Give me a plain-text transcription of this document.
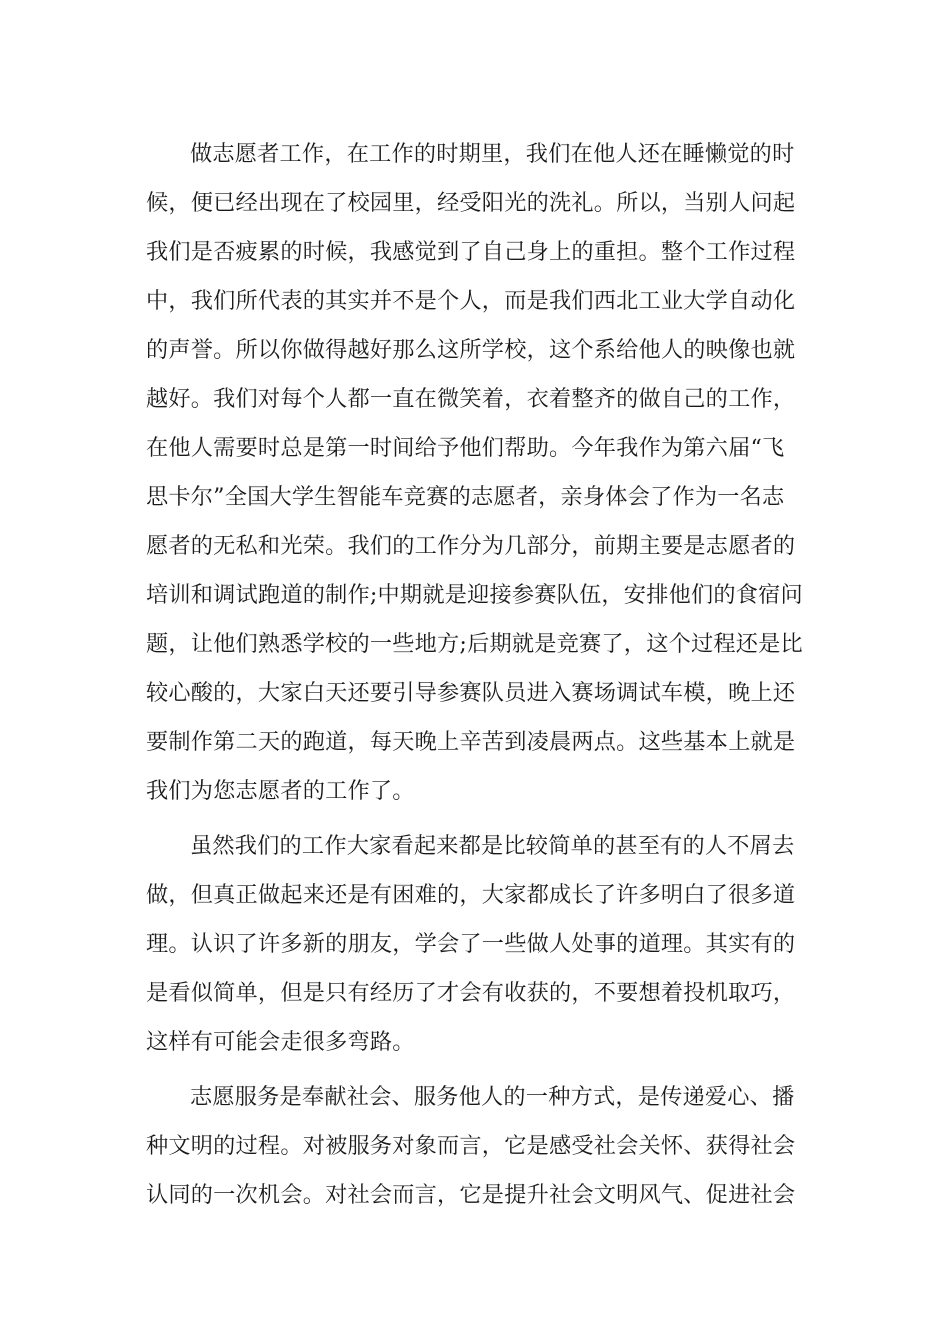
做志愿者工作，在工作的时期里，我们在他人还在睡懒觉的时
候，便已经出现在了校园里，经受阳光的洗礼。所以，当别人问起
我们是否疲累的时候，我感觉到了自己身上的重担。整个工作过程
中，我们所代表的其实并不是个人，而是我们西北工业大学自动化
的声誉。所以你做得越好那么这所学校，这个系给他人的映像也就
越好。我们对每个人都一直在微笑着，衣着整齐的做自己的工作，
在他人需要时总是第一时间给予他们帮助。今年我作为第六届“飞
思卡尔”全国大学生智能车竞赛的志愿者，亲身体会了作为一名志
愿者的无私和光荣。我们的工作分为几部分，前期主要是志愿者的
培训和调试跑道的制作;中期就是迎接参赛队伍，安排他们的食宿问
题，让他们熟悉学校的一些地方;后期就是竞赛了，这个过程还是比
较心酸的，大家白天还要引导参赛队员进入赛场调试车模，晚上还
要制作第二天的跑道，每天晚上辛苦到凌晨两点。这些基本上就是
我们为您志愿者的工作了。

虽然我们的工作大家看起来都是比较简单的甚至有的人不屑去
做，但真正做起来还是有困难的，大家都成长了许多明白了很多道
理。认识了许多新的朋友，学会了一些做人处事的道理。其实有的
是看似简单，但是只有经历了才会有收获的，不要想着投机取巧，
这样有可能会走很多弯路。

志愿服务是奉献社会、服务他人的一种方式，是传递爱心、播
种文明的过程。对被服务对象而言，它是感受社会关怀、获得社会
认同的一次机会。对社会而言，它是提升社会文明风气、促进社会
